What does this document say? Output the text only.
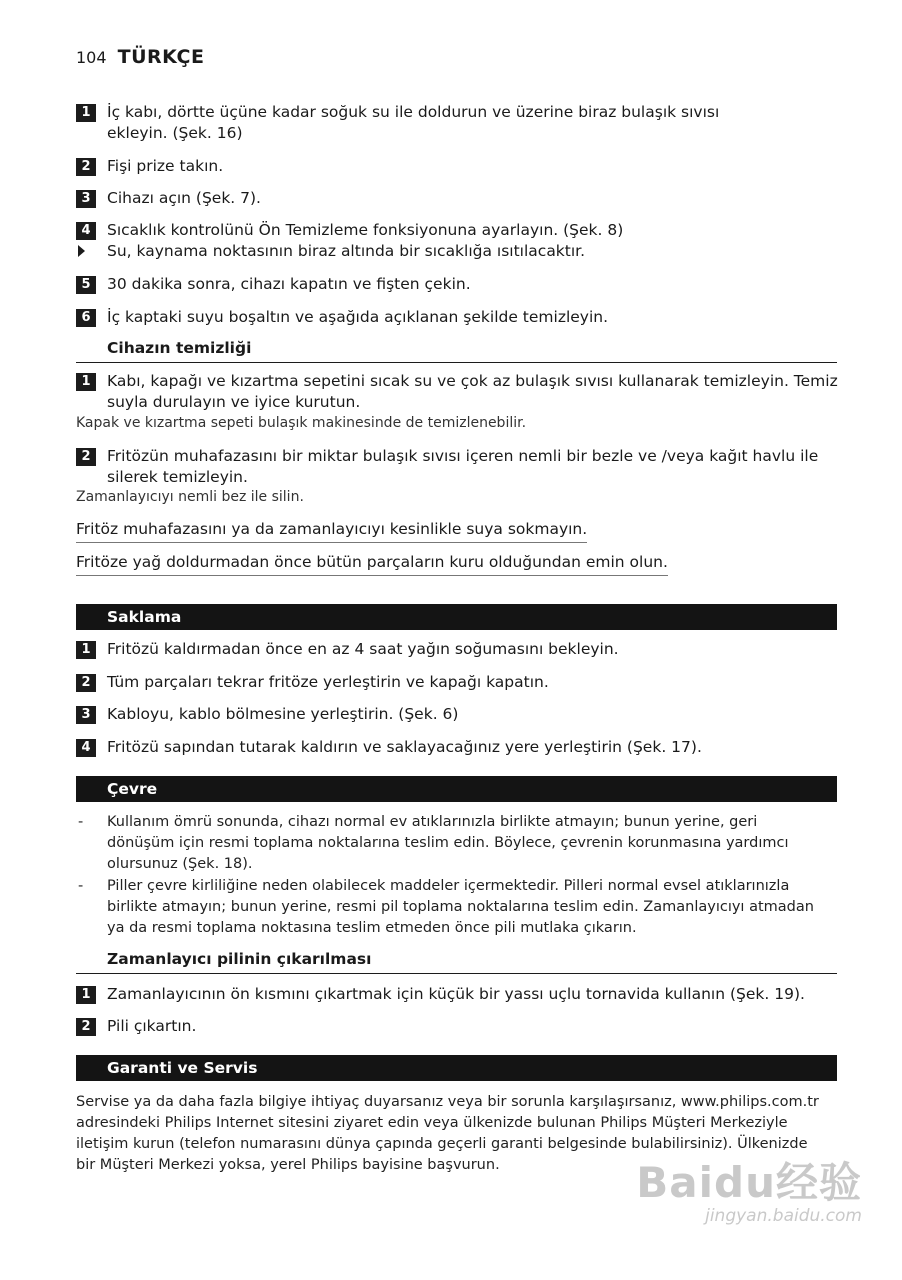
104 TÜRKÇE
1	İç kabı, dörtte üçüne kadar soğuk su ile doldurun ve üzerine biraz bulaşık sıvısı
ekleyin. (Şek. 16)
2	Fişi prize takın.
3	Cihazı açın (Şek. 7).
4	Sıcaklık kontrolünü Ön Temizleme fonksiyonuna ayarlayın. (Şek. 8)
Su, kaynama noktasının biraz altında bir sıcaklığa ısıtılacaktır.
5	30 dakika sonra, cihazı kapatın ve fişten çekin.
6	İç kaptaki suyu boşaltın ve aşağıda açıklanan şekilde temizleyin.
Cihazın temizliği
1	Kabı, kapağı ve kızartma sepetini sıcak su ve çok az bulaşık sıvısı kullanarak temizleyin. Temiz
suyla durulayın ve iyice kurutun.
Kapak ve kızartma sepeti bulaşık makinesinde de temizlenebilir.
2	Fritözün muhafazasını bir miktar bulaşık sıvısı içeren nemli bir bezle ve /veya kağıt havlu ile
silerek temizleyin.
Zamanlayıcıyı nemli bez ile silin.
Fritöz muhafazasını ya da zamanlayıcıyı kesinlikle suya sokmayın.
Fritöze yağ doldurmadan önce bütün parçaların kuru olduğundan emin olun.
Saklama
1	Fritözü kaldırmadan önce en az 4 saat yağın soğumasını bekleyin.
2	Tüm parçaları tekrar fritöze yerleştirin ve kapağı kapatın.
3	Kabloyu, kablo bölmesine yerleştirin. (Şek. 6)
4	Fritözü sapından tutarak kaldırın ve saklayacağınız yere yerleştirin (Şek. 17).
Çevre
- Kullanım ömrü sonunda, cihazı normal ev atıklarınızla birlikte atmayın; bunun yerine, geri
dönüşüm için resmi toplama noktalarına teslim edin. Böylece, çevrenin korunmasına yardımcı
olursunuz (Şek. 18).
- Piller çevre kirliliğine neden olabilecek maddeler içermektedir. Pilleri normal evsel atıklarınızla
birlikte atmayın; bunun yerine, resmi pil toplama noktalarına teslim edin. Zamanlayıcıyı atmadan
ya da resmi toplama noktasına teslim etmeden önce pili mutlaka çıkarın.
Zamanlayıcı pilinin çıkarılması
1	Zamanlayıcının ön kısmını çıkartmak için küçük bir yassı uçlu tornavida kullanın (Şek. 19).
2	Pili çıkartın.
Garanti ve Servis
Servise ya da daha fazla bilgiye ihtiyaç duyarsanız veya bir sorunla karşılaşırsanız, www.philips.com.tr
adresindeki Philips Internet sitesini ziyaret edin veya ülkenizde bulunan Philips Müşteri Merkeziyle
iletişim kurun (telefon numarasını dünya çapında geçerli garanti belgesinde bulabilirsiniz). Ülkenizde
bir Müşteri Merkezi yoksa, yerel Philips bayisine başvurun.	Baidu经验
jingyan.baidu.com
